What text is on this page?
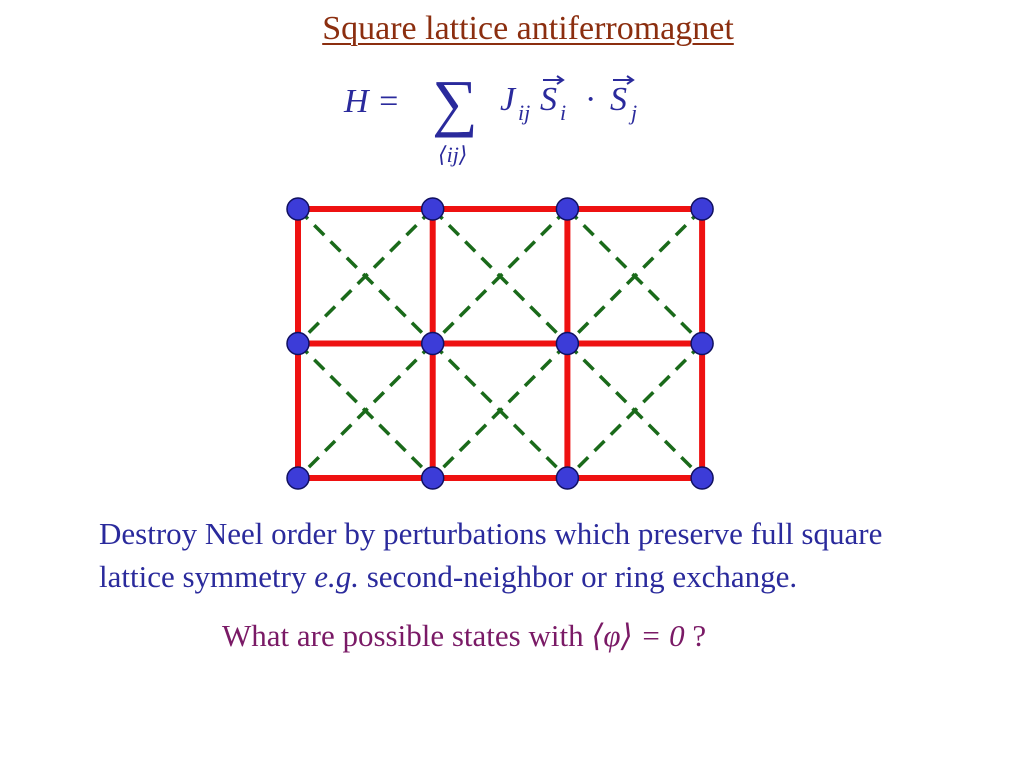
Square lattice antiferromagnet
H = ∑
⟨ij⟩
J ij S i · S j

Destroy Neel order by perturbations which preserve full square

lattice symmetry e.g. second-neighbor or ring exchange.

What are possible states with ⟨φ⟩ = 0 ?
